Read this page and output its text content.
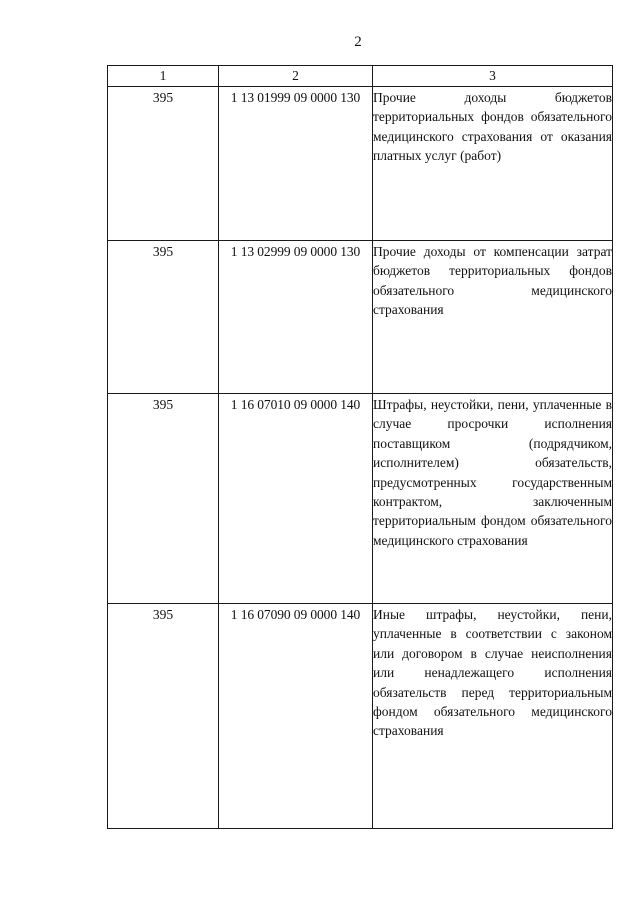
2
1	2	3
395	1 13 01999 09 0000 130	Прочие доходы бюджетов территориальных фондов обязательного медицинского страхования от оказания платных услуг (работ)
395	1 13 02999 09 0000 130	Прочие доходы от компенсации затрат бюджетов территориальных фондов обязательного медицинского страхования
395	1 16 07010 09 0000 140	Штрафы, неустойки, пени, уплаченные в случае просрочки исполнения поставщиком (подрядчиком, исполнителем) обязательств, предусмотренных государственным контрактом, заключенным территориальным фондом обязательного медицинского страхования
395	1 16 07090 09 0000 140	Иные штрафы, неустойки, пени, уплаченные в соответствии с законом или договором в случае неисполнения или ненадлежащего исполнения обязательств перед территориальным фондом обязательного медицинского страхования
